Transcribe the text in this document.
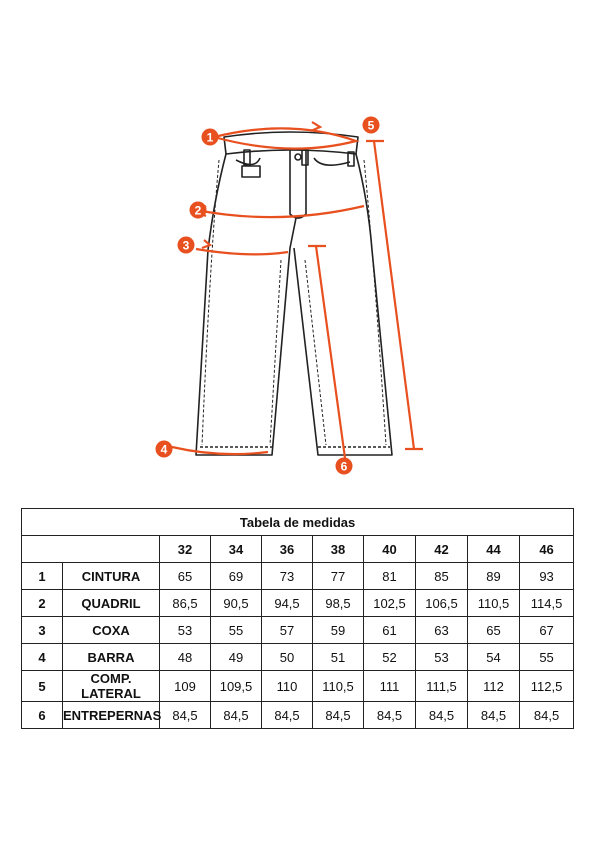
1
5
2
3
4
6
Tabela de medidas									
		32	34	36	38	40	42	44	46
1	CINTURA	65	69	73	77	81	85	89	93
2	QUADRIL	86,5	90,5	94,5	98,5	102,5	106,5	110,5	114,5
3	COXA	53	55	57	59	61	63	65	67
4	BARRA	48	49	50	51	52	53	54	55
5	COMP. LATERAL	109	109,5	110	110,5	111	111,5	112	112,5
6	ENTREPERNAS	84,5	84,5	84,5	84,5	84,5	84,5	84,5	84,5
